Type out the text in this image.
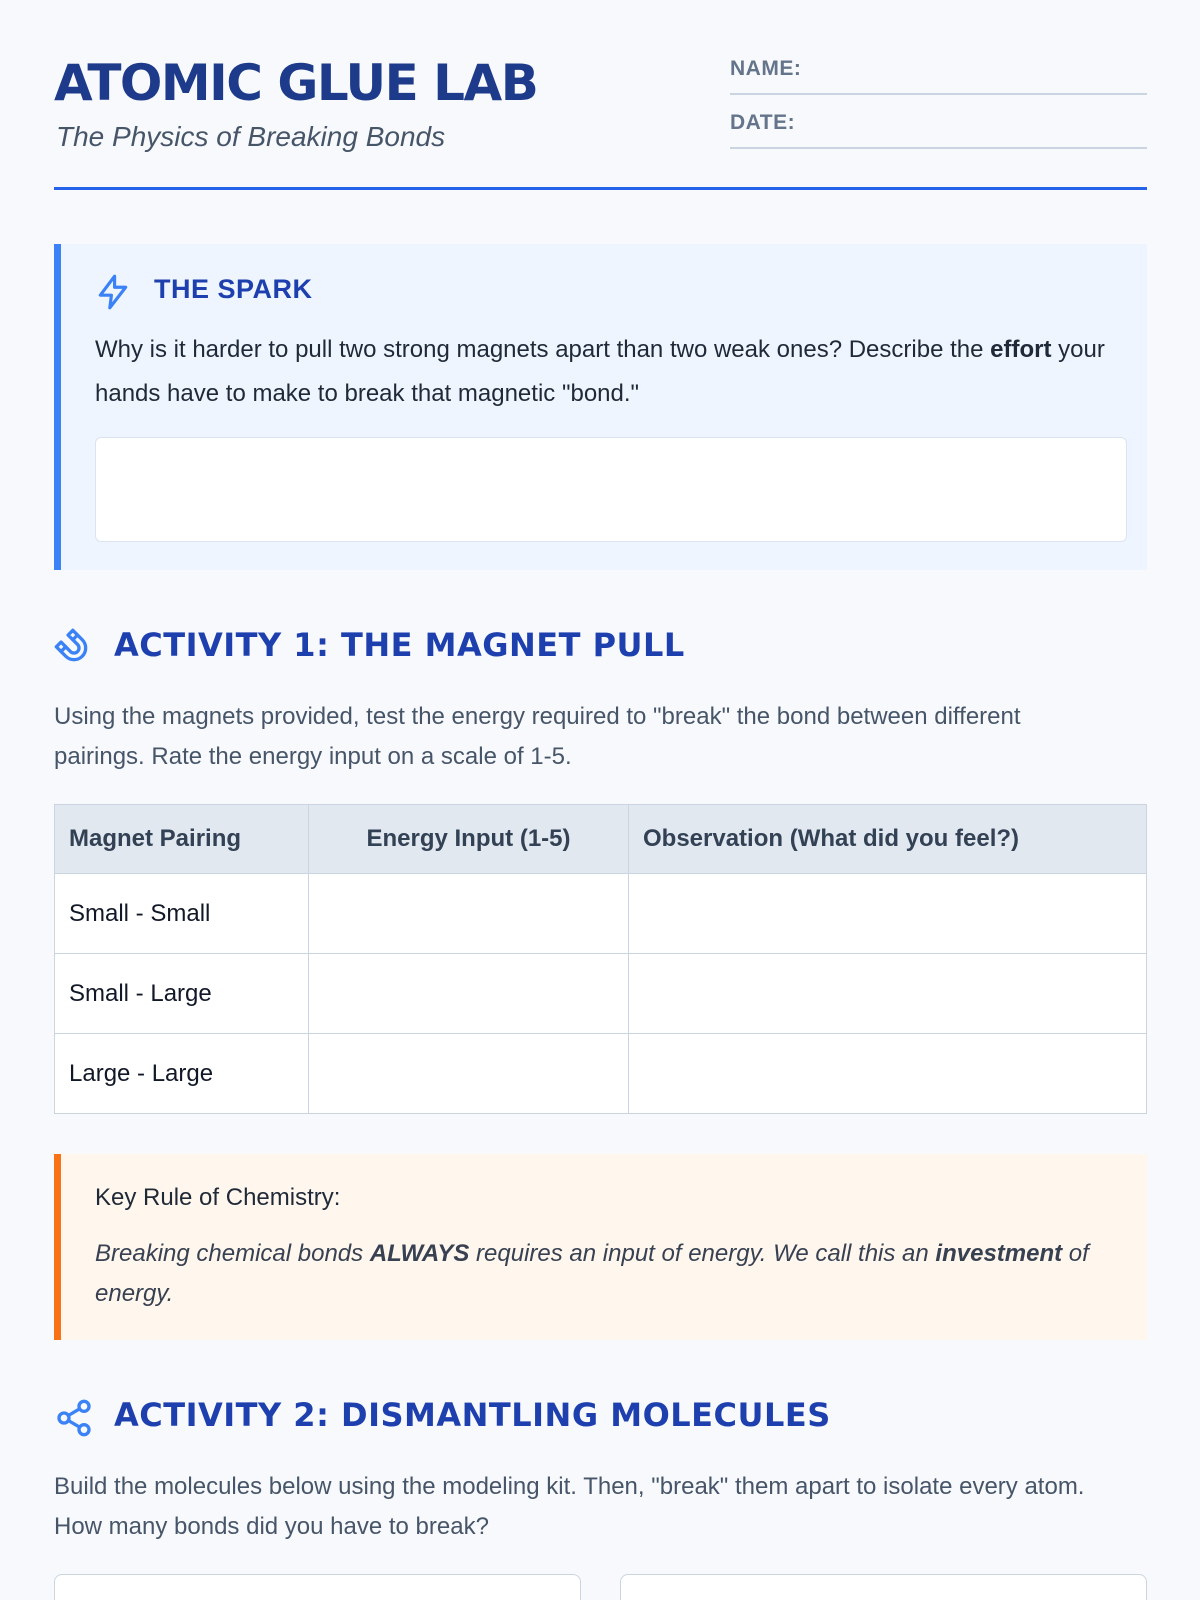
ATOMIC GLUE LAB
The Physics of Breaking Bonds
NAME:
DATE:
THE SPARK
Why is it harder to pull two strong magnets apart than two weak ones? Describe the effort your hands have to make to break that magnetic "bond."
ACTIVITY 1: THE MAGNET PULL
Using the magnets provided, test the energy required to "break" the bond between different pairings. Rate the energy input on a scale of 1-5.
Magnet Pairing	Energy Input (1-5)	Observation (What did you feel?)
Small - Small		
Small - Large		
Large - Large		
Key Rule of Chemistry:
Breaking chemical bonds ALWAYS requires an input of energy. We call this an investment of energy.
ACTIVITY 2: DISMANTLING MOLECULES
Build the molecules below using the modeling kit. Then, "break" them apart to isolate every atom. How many bonds did you have to break?
